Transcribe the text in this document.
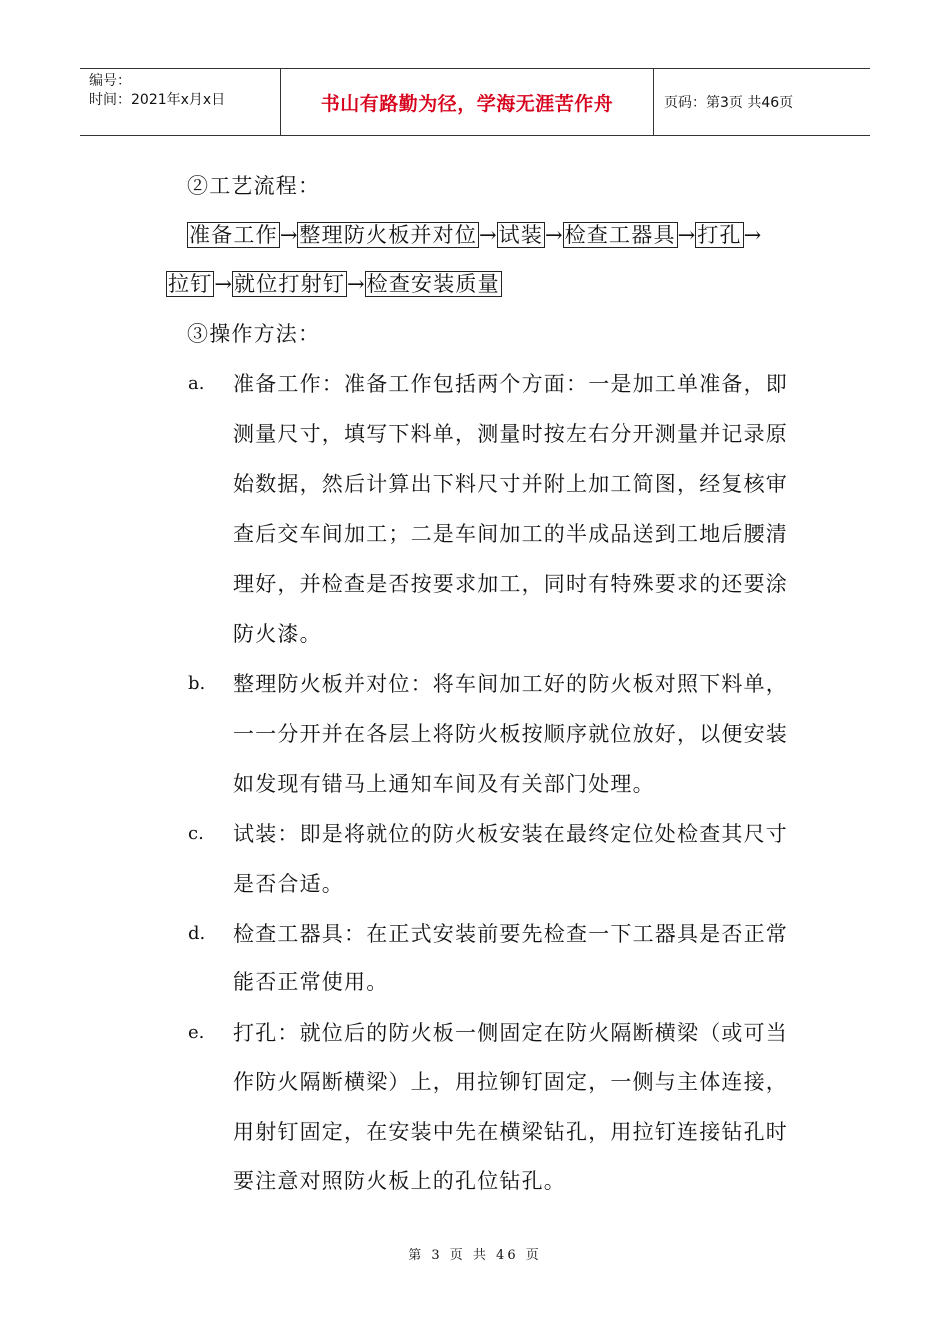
编号：
时间：2021年x月x日	书山有路勤为径，学海无涯苦作舟	页码：第3页 共46页
②工艺流程：
准备工作→整理防火板并对位→试装→检查工器具→打孔→
拉钉→就位打射钉→检查安装质量
③操作方法：
a. 准备工作：准备工作包括两个方面：一是加工单准备，即
测量尺寸，填写下料单，测量时按左右分开测量并记录原
始数据，然后计算出下料尺寸并附上加工简图，经复核审
查后交车间加工；二是车间加工的半成品送到工地后腰清
理好，并检查是否按要求加工，同时有特殊要求的还要涂
防火漆。
b. 整理防火板并对位：将车间加工好的防火板对照下料单，
一一分开并在各层上将防火板按顺序就位放好，以便安装
如发现有错马上通知车间及有关部门处理。
c. 试装：即是将就位的防火板安装在最终定位处检查其尺寸
是否合适。
d. 检查工器具：在正式安装前要先检查一下工器具是否正常
能否正常使用。
e. 打孔：就位后的防火板一侧固定在防火隔断横梁（或可当
作防火隔断横梁）上，用拉铆钉固定，一侧与主体连接，
用射钉固定，在安装中先在横梁钻孔，用拉钉连接钻孔时
要注意对照防火板上的孔位钻孔。
第 3 页 共 46 页
